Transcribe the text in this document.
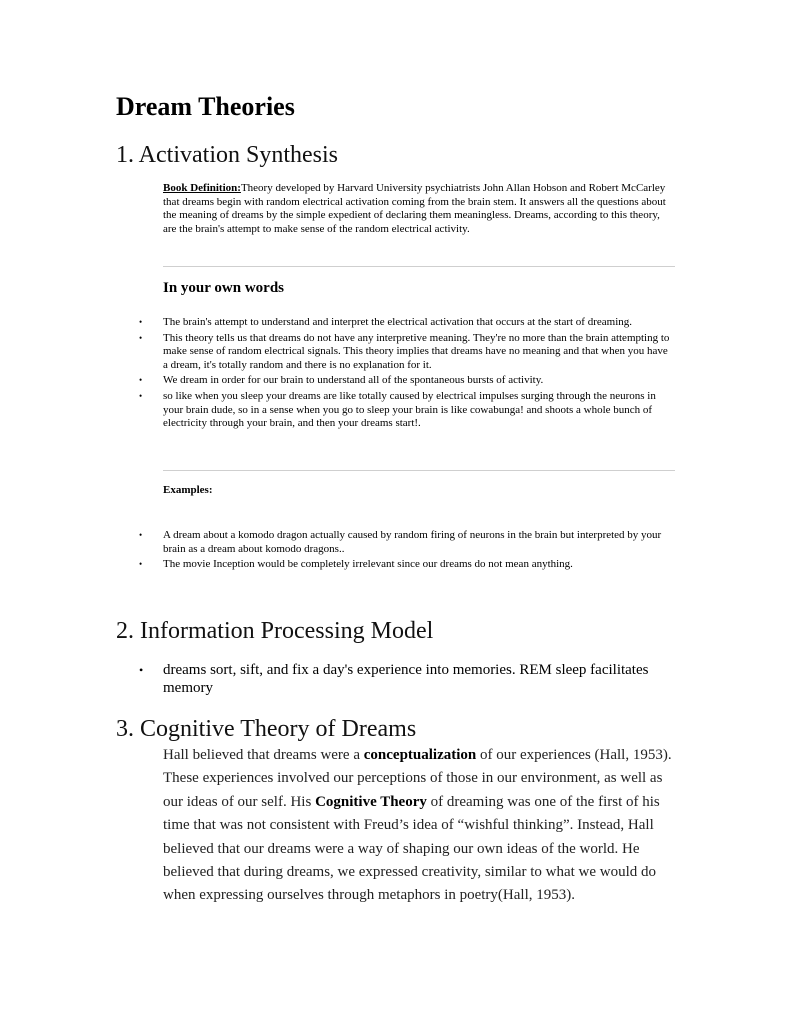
Dream Theories
1. Activation Synthesis
Book Definition:Theory developed by Harvard University psychiatrists John Allan Hobson and Robert McCarley that dreams begin with random electrical activation coming from the brain stem. It answers all the questions about the meaning of dreams by the simple expedient of declaring them meaningless. Dreams, according to this theory, are the brain's attempt to make sense of the random electrical activity.
In your own words
• The brain's attempt to understand and interpret the electrical activation that occurs at the start of dreaming.
• This theory tells us that dreams do not have any interpretive meaning. They're no more than the brain attempting to make sense of random electrical signals. This theory implies that dreams have no meaning and that when you have a dream, it's totally random and there is no explanation for it.
• We dream in order for our brain to understand all of the spontaneous bursts of activity.
• so like when you sleep your dreams are like totally caused by electrical impulses surging through the neurons in your brain dude, so in a sense when you go to sleep your brain is like cowabunga! and shoots a whole bunch of electricity through your brain, and then your dreams start!.
Examples:
• A dream about a komodo dragon actually caused by random firing of neurons in the brain but interpreted by your brain as a dream about komodo dragons..
• The movie Inception would be completely irrelevant since our dreams do not mean anything.
2. Information Processing Model
• dreams sort, sift, and fix a day's experience into memories. REM sleep facilitates memory
3. Cognitive Theory of Dreams
Hall believed that dreams were a conceptualization of our experiences (Hall, 1953). These experiences involved our perceptions of those in our environment, as well as our ideas of our self. His Cognitive Theory of dreaming was one of the first of his time that was not consistent with Freud’s idea of “wishful thinking”. Instead, Hall believed that our dreams were a way of shaping our own ideas of the world. He believed that during dreams, we expressed creativity, similar to what we would do when expressing ourselves through metaphors in poetry(Hall, 1953).
